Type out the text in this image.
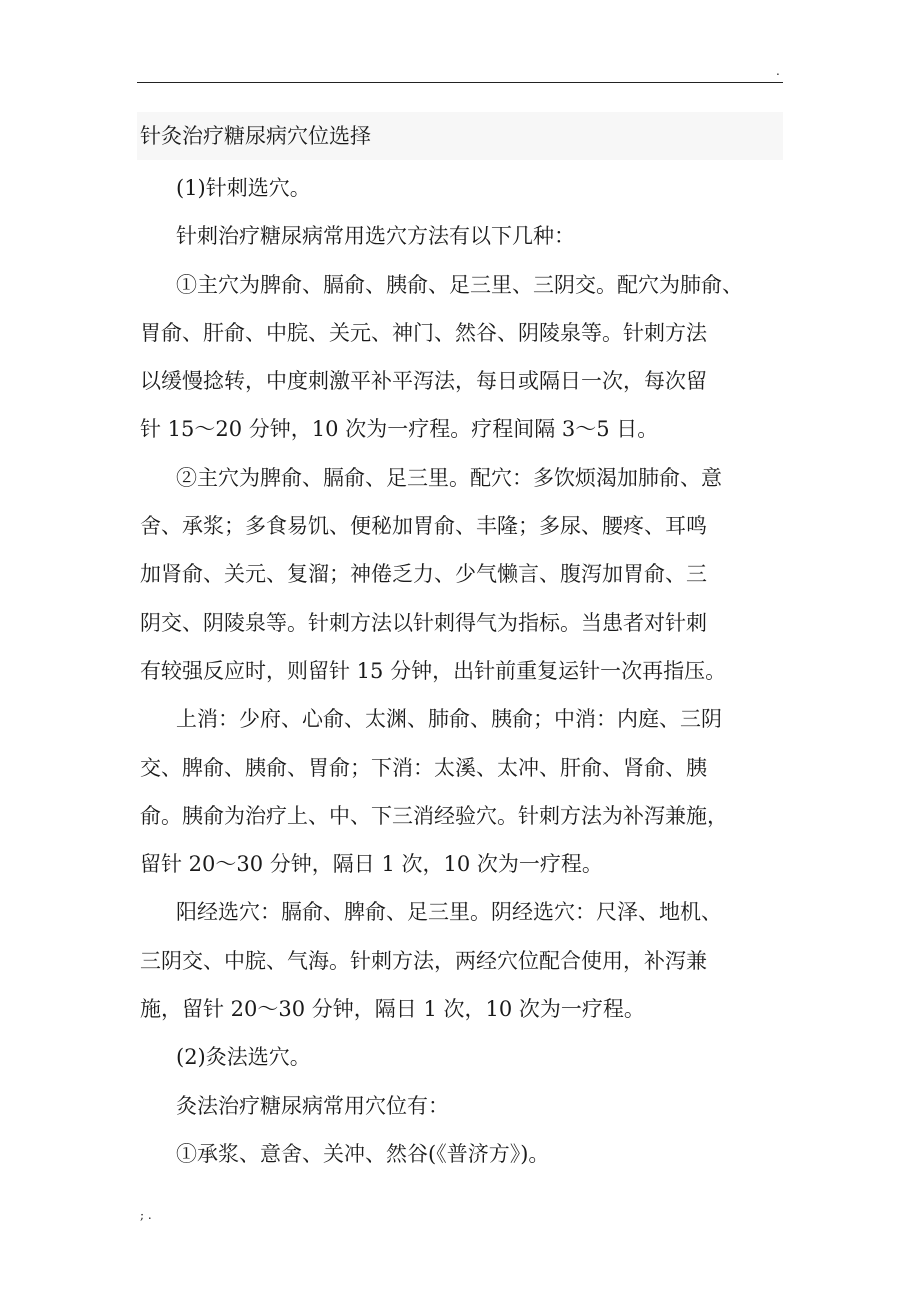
.
针灸治疗糖尿病穴位选择
(1)针刺选穴。
针刺治疗糖尿病常用选穴方法有以下几种：
①主穴为脾俞、膈俞、胰俞、足三里、三阴交。配穴为肺俞、
胃俞、肝俞、中脘、关元、神门、然谷、阴陵泉等。针刺方法
以缓慢捻转，中度刺激平补平泻法，每日或隔日一次，每次留
针 15～20 分钟，10 次为一疗程。疗程间隔 3～5 日。
②主穴为脾俞、膈俞、足三里。配穴：多饮烦渴加肺俞、意
舍、承浆；多食易饥、便秘加胃俞、丰隆；多尿、腰疼、耳鸣
加肾俞、关元、复溜；神倦乏力、少气懒言、腹泻加胃俞、三
阴交、阴陵泉等。针刺方法以针刺得气为指标。当患者对针刺
有较强反应时，则留针 15 分钟，出针前重复运针一次再指压。
上消：少府、心俞、太渊、肺俞、胰俞；中消：内庭、三阴
交、脾俞、胰俞、胃俞；下消：太溪、太冲、肝俞、肾俞、胰
俞。胰俞为治疗上、中、下三消经验穴。针刺方法为补泻兼施，
留针 20～30 分钟，隔日 1 次，10 次为一疗程。
阳经选穴：膈俞、脾俞、足三里。阴经选穴：尺泽、地机、
三阴交、中脘、气海。针刺方法，两经穴位配合使用，补泻兼
施，留针 20～30 分钟，隔日 1 次，10 次为一疗程。
(2)灸法选穴。
灸法治疗糖尿病常用穴位有：
①承浆、意舍、关冲、然谷(《普济方》)。
; .
